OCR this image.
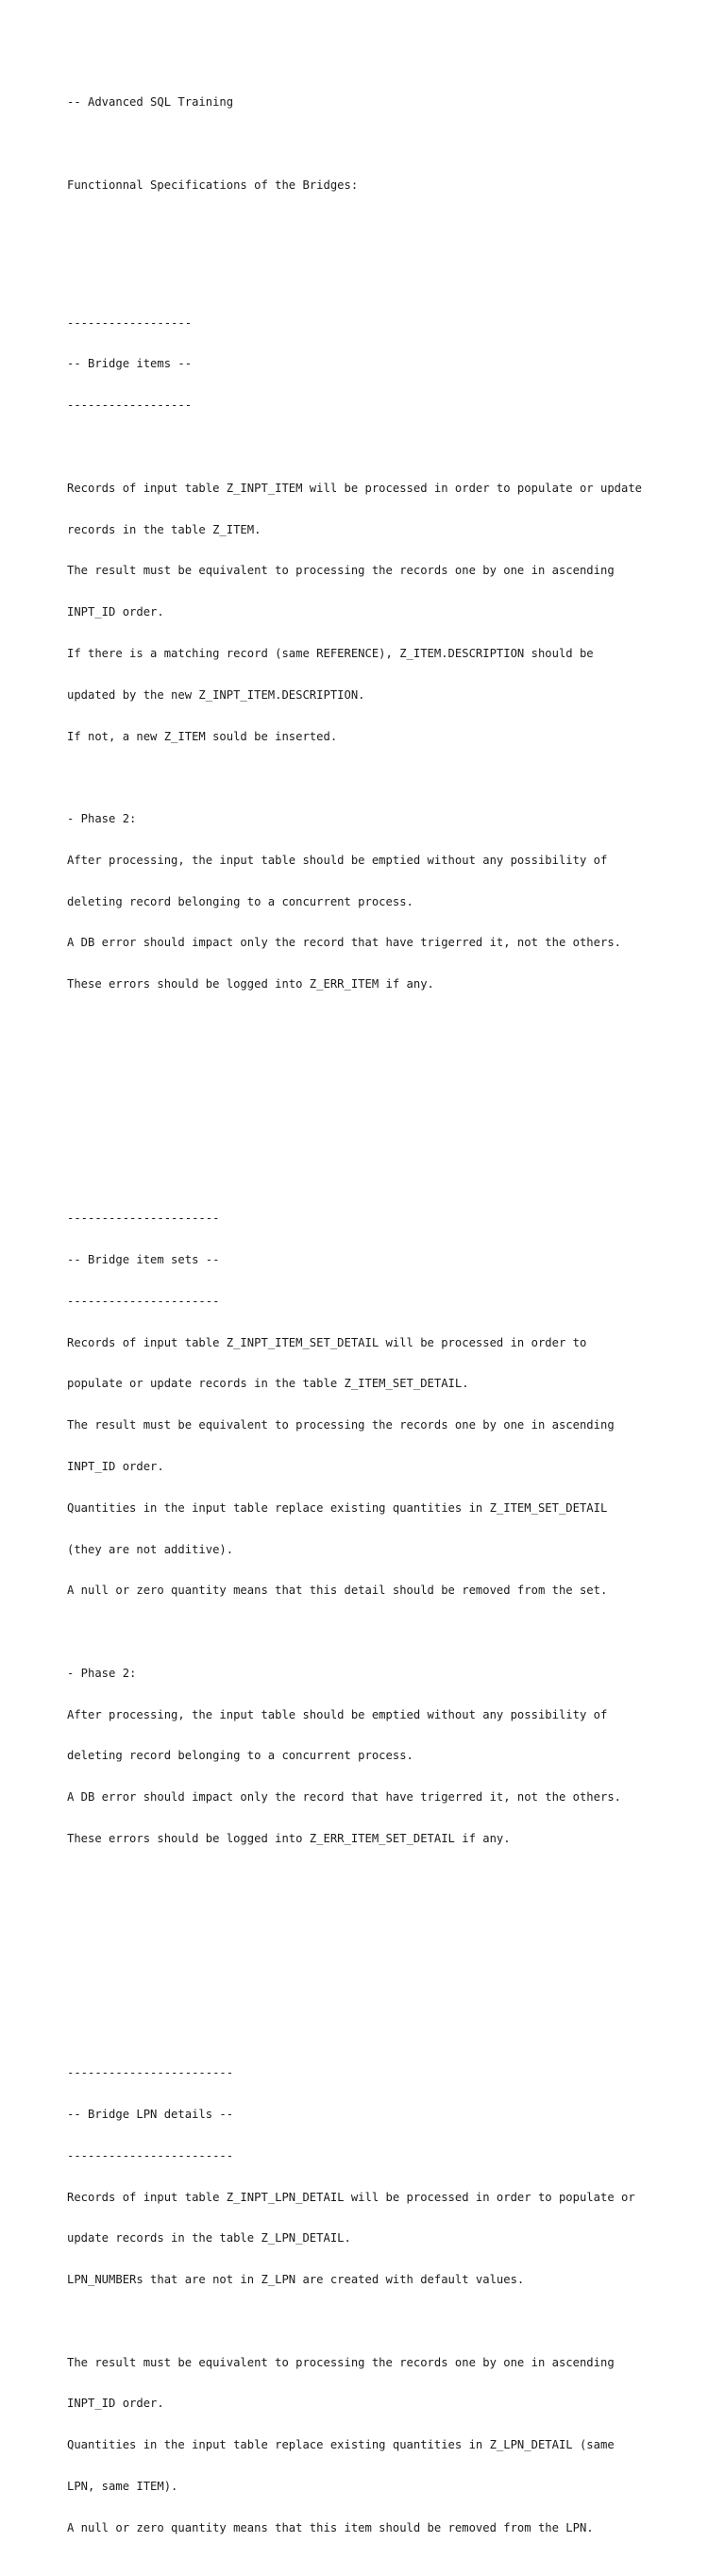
-- Advanced SQL Training

Functionnal Specifications of the Bridges:

------------------

-- Bridge items --

------------------

Records of input table Z_INPT_ITEM will be processed in order to populate or update

records in the table Z_ITEM.

The result must be equivalent to processing the records one by one in ascending

INPT_ID order.

If there is a matching record (same REFERENCE), Z_ITEM.DESCRIPTION should be

updated by the new Z_INPT_ITEM.DESCRIPTION.

If not, a new Z_ITEM sould be inserted.

- Phase 2:

After processing, the input table should be emptied without any possibility of

deleting record belonging to a concurrent process.

A DB error should impact only the record that have trigerred it, not the others.

These errors should be logged into Z_ERR_ITEM if any.

----------------------

-- Bridge item sets --

----------------------

Records of input table Z_INPT_ITEM_SET_DETAIL will be processed in order to

populate or update records in the table Z_ITEM_SET_DETAIL.

The result must be equivalent to processing the records one by one in ascending

INPT_ID order.

Quantities in the input table replace existing quantities in Z_ITEM_SET_DETAIL

(they are not additive).

A null or zero quantity means that this detail should be removed from the set.

- Phase 2:

After processing, the input table should be emptied without any possibility of

deleting record belonging to a concurrent process.

A DB error should impact only the record that have trigerred it, not the others.

These errors should be logged into Z_ERR_ITEM_SET_DETAIL if any.

------------------------

-- Bridge LPN details --

------------------------

Records of input table Z_INPT_LPN_DETAIL will be processed in order to populate or

update records in the table Z_LPN_DETAIL.

LPN_NUMBERs that are not in Z_LPN are created with default values.

The result must be equivalent to processing the records one by one in ascending

INPT_ID order.

Quantities in the input table replace existing quantities in Z_LPN_DETAIL (same

LPN, same ITEM).

A null or zero quantity means that this item should be removed from the LPN.
